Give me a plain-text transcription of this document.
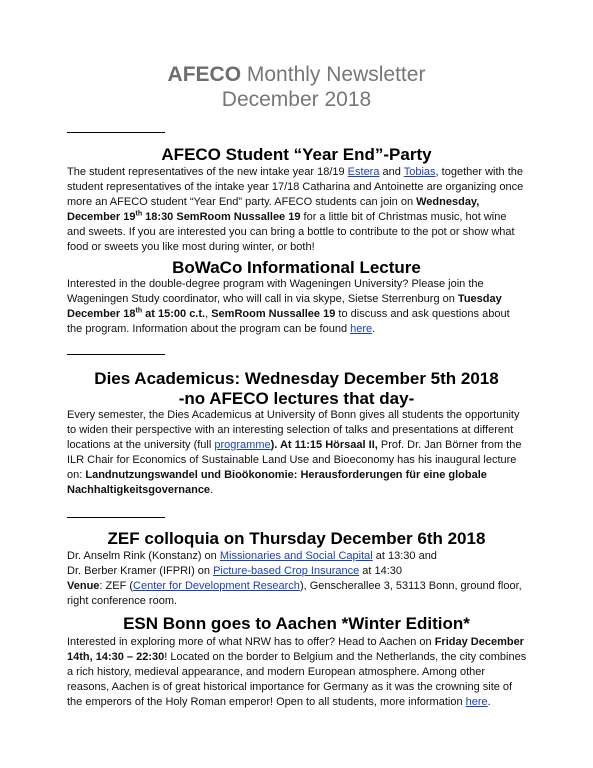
AFECO Monthly Newsletter
December 2018
AFECO Student “Year End”-Party
The student representatives of the new intake year 18/19 Estera and Tobias, together with the student representatives of the intake year 17/18 Catharina and Antoinette are organizing once more an AFECO student “Year End” party. AFECO students can join on Wednesday, December 19th 18:30 SemRoom Nussallee 19 for a little bit of Christmas music, hot wine and sweets. If you are interested you can bring a bottle to contribute to the pot or show what food or sweets you like most during winter, or both!
BoWaCo Informational Lecture
Interested in the double-degree program with Wageningen University? Please join the Wageningen Study coordinator, who will call in via skype, Sietse Sterrenburg on Tuesday December 18th at 15:00 c.t., SemRoom Nussallee 19 to discuss and ask questions about the program. Information about the program can be found here.
Dies Academicus: Wednesday December 5th 2018
-no AFECO lectures that day-
Every semester, the Dies Academicus at University of Bonn gives all students the opportunity to widen their perspective with an interesting selection of talks and presentations at different locations at the university (full programme). At 11:15 Hörsaal II, Prof. Dr. Jan Börner from the ILR Chair for Economics of Sustainable Land Use and Bioeconomy has his inaugural lecture on: Landnutzungswandel und Bioökonomie: Herausforderungen für eine globale Nachhaltigkeitsgovernance.
ZEF colloquia on Thursday December 6th 2018
Dr. Anselm Rink (Konstanz) on Missionaries and Social Capital at 13:30 and
Dr. Berber Kramer (IFPRI) on Picture-based Crop Insurance at 14:30
Venue: ZEF (Center for Development Research), Genscherallee 3, 53113 Bonn, ground floor, right conference room.
ESN Bonn goes to Aachen *Winter Edition*
Interested in exploring more of what NRW has to offer? Head to Aachen on Friday December 14th, 14:30 – 22:30! Located on the border to Belgium and the Netherlands, the city combines a rich history, medieval appearance, and modern European atmosphere. Among other reasons, Aachen is of great historical importance for Germany as it was the crowning site of the emperors of the Holy Roman emperor! Open to all students, more information here.
